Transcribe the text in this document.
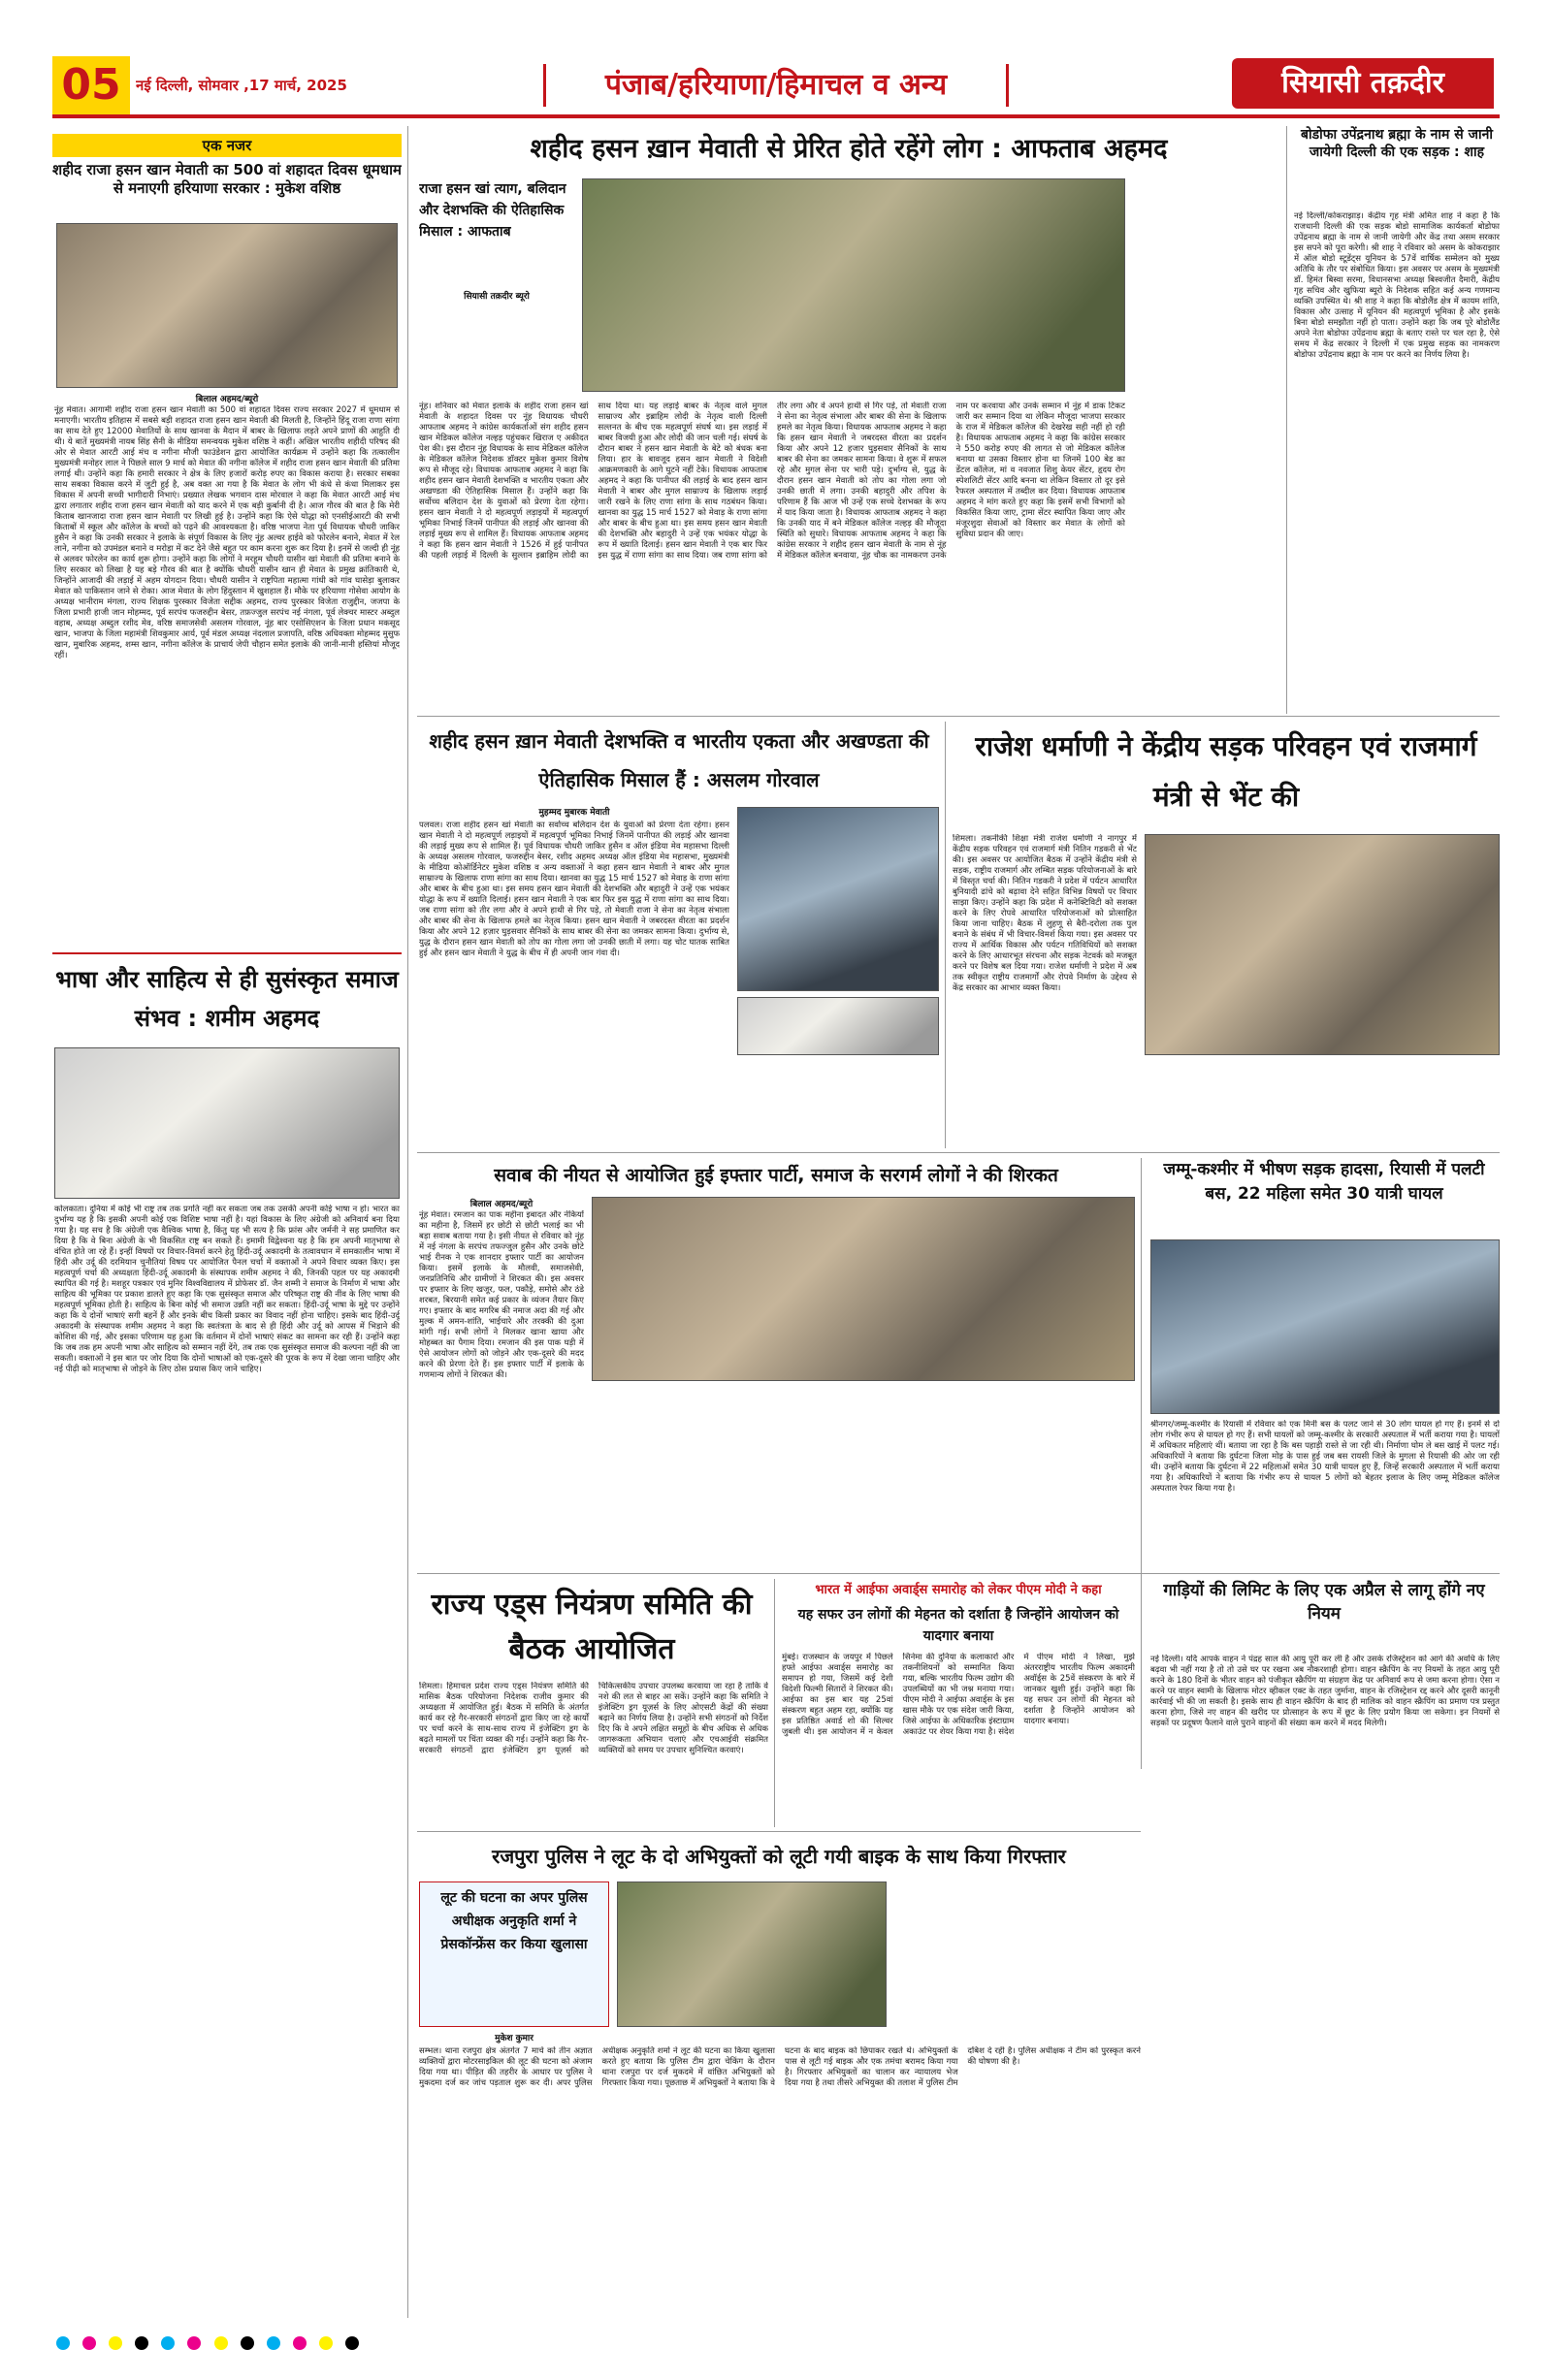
05	नई दिल्ली, सोमवार ,17 मार्च, 2025	पंजाब/हरियाणा/हिमाचल व अन्य	सियासी तक़दीर
एक नजर
शहीद राजा हसन खान मेवाती का 500 वां शहादत दिवस धूमधाम से मनाएगी हरियाणा सरकार : मुकेश वशिष्ठ
बिलाल अहमद/ब्यूरो
नूंह मेवात। आगामी शहीद राजा हसन खान मेवाती का 500 वां शहादत दिवस राज्य सरकार 2027 में धूमधाम से मनाएगी। भारतीय इतिहास में सबसे बड़ी शहादत राजा हसन खान मेवाती की मिलती है, जिन्होंने हिंदू राजा राणा सांगा का साथ देते हुए 12000 मेवातियों के साथ खानवा के मैदान में बाबर के खिलाफ लड़ते अपने प्राणों की आहुति दी थी। ये बातें मुख्यमंत्री नायब सिंह सैनी के मीडिया समन्वयक मुकेश वशिष्ठ ने कहीं। अखिल भारतीय शहीदी परिषद की ओर से मेवात आरटी आई मंच व नगीना मौजी फाउंडेशन द्वारा आयोजित कार्यक्रम में उन्होंने कहा कि तत्कालीन मुख्यमंत्री मनोहर लाल ने पिछले साल 9 मार्च को मेवात की नगीना कॉलेज में शहीद राजा हसन खान मेवाती की प्रतिमा लगाई थी। उन्होंने कहा कि हमारी सरकार ने क्षेत्र के लिए हजारों करोड़ रुपए का विकास कराया है। सरकार सबका साथ सबका विकास करने में जुटी हुई है, अब वक्त आ गया है कि मेवात के लोग भी कंधे से कंधा मिलाकर इस विकास में अपनी सच्ची भागीदारी निभाएं। प्रख्यात लेखक भगवान दास मोरवाल ने कहा कि मेवात आरटी आई मंच द्वारा लगातार शहीद राजा हसन खान मेवाती को याद करने में एक बड़ी कुर्बानी दी है। आज गौरव की बात है कि मेरी किताब खानजादा राजा हसन खान मेवाती पर लिखी हुई है। उन्होंने कहा कि ऐसे योद्धा को एनसीईआरटी की सभी किताबों में स्कूल और कॉलेज के बच्चों को पढ़ने की आवश्यकता है। वरिष्ठ भाजपा नेता पूर्व विधायक चौधरी जाकिर हुसैन ने कहा कि उनकी सरकार ने इलाके के संपूर्ण विकास के लिए नूंह अल्वर हाईवे को फोरलेन बनाने, मेवात में रेल लाने, नगीना को उपमंडल बनाने व मरोड़ा में कट देने जैसे बहुत पर काम करना शुरू कर दिया है। इनमें से जल्दी ही नूंह से अलवर फोरलेन का कार्य शुरू होगा। उन्होंने कहा कि लोगों ने मरहूम चौधरी यासीन खां मेवाती की प्रतिमा बनाने के लिए सरकार को लिखा है यह बड़े गौरव की बात है क्योंकि चौधरी यासीन खान ही मेवात के प्रमुख क्रांतिकारी थे, जिन्होंने आजादी की लड़ाई में अहम योगदान दिया। चौधरी यासीन ने राष्ट्रपिता महात्मा गांधी को गांव घासेड़ा बुलाकर मेवात को पाकिस्तान जाने से रोका। आज मेवात के लोग हिंदुस्तान में खुशहाल हैं। मौके पर हरियाणा गोसेवा आयोग के अध्यक्ष भानीराम मंगला, राज्य शिक्षक पुरस्कार विजेता सद्दीक अहमद, राज्य पुरस्कार विजेता राजुद्दीन, जजपा के जिला प्रभारी हाजी जान मोहम्मद, पूर्व सरपंच फजरुद्दीन बेसर, तफ़ज्जुल सरपंच नई नंगला, पूर्व लेक्चर मास्टर अब्दुल वहाब, अध्यक्ष अब्दुल रशीद मेव, वरिष्ठ समाजसेवी असलम गोरवाल, नूंह बार एसोसिएशन के जिला प्रधान मकसूद खान, भाजपा के जिला महामंत्री शिवकुमार आर्य, पूर्व मंडल अध्यक्ष नंदलाल प्रजापति, वरिष्ठ अधिवक्ता मोहम्मद मुसुफ खान, मुबारिक अहमद, शम्स खान, नगीना कॉलेज के प्राचार्य जेपी चौहान समेत इलाके की जानी-मानी हस्तियां मौजूद रहीं।
भाषा और साहित्य से ही सुसंस्कृत समाज संभव : शमीम अहमद
कोलकाता। दुनिया में कोई भी राष्ट्र तब तक प्रगति नहीं कर सकता जब तक उसकी अपनी कोई भाषा न हो। भारत का दुर्भाग्य यह है कि इसकी अपनी कोई एक विशिष्ट भाषा नहीं है। यहां विकास के लिए अंग्रेजी को अनिवार्य बना दिया गया है। यह सच है कि अंग्रेजी एक वैश्विक भाषा है, किंतु यह भी सत्य है कि फ्रांस और जर्मनी ने सह प्रमाणित कर दिया है कि वे बिना अंग्रेजी के भी विकसित राष्ट्र बन सकते हैं। इमामी विद्वेश्वना यह है कि हम अपनी मातृभाषा से वंचित होते जा रहे हैं। इन्हीं विषयों पर विचार-विमर्श करने हेतु हिंदी-उर्दू अकादमी के तत्वावधान में समकालीन भाषा में हिंदी और उर्दू की दरमियान चुनौतियां विषय पर आयोजित पैनल चर्चा में वक्ताओं ने अपने विचार व्यक्त किए। इस महत्वपूर्ण चर्चा की अध्यक्षता हिंदी-उर्दू अकादमी के संस्थापक शमीम अहमद ने की, जिनकी पहल पर यह अकादमी स्थापित की गई है। मशहूर पत्रकार एवं मुनिर विश्वविद्यालय में प्रोफेसर डॉ. जैन शम्मी ने समाज के निर्माण में भाषा और साहित्य की भूमिका पर प्रकाश डालते हुए कहा कि एक सुसंस्कृत समाज और परिष्कृत राष्ट्र की नींव के लिए भाषा की महत्वपूर्ण भूमिका होती है। साहित्य के बिना कोई भी समाज उन्नति नहीं कर सकता। हिंदी-उर्दू भाषा के मुद्दे पर उन्होंने कहा कि ये दोनों भाषाएं सगी बहनें हैं और इनके बीच किसी प्रकार का विवाद नहीं होना चाहिए। इसके बाद हिंदी-उर्दू अकादमी के संस्थापक शमीम अहमद ने कहा कि स्वतंत्रता के बाद से ही हिंदी और उर्दू को आपस में भिड़ाने की कोशिश की गई, और इसका परिणाम यह हुआ कि वर्तमान में दोनों भाषाएं संकट का सामना कर रही हैं। उन्होंने कहा कि जब तक हम अपनी भाषा और साहित्य को सम्मान नहीं देंगे, तब तक एक सुसंस्कृत समाज की कल्पना नहीं की जा सकती। वक्ताओं ने इस बात पर जोर दिया कि दोनों भाषाओं को एक-दूसरे की पूरक के रूप में देखा जाना चाहिए और नई पीढ़ी को मातृभाषा से जोड़ने के लिए ठोस प्रयास किए जाने चाहिए।
शहीद हसन ख़ान मेवाती से प्रेरित होते रहेंगे लोग : आफताब अहमद
राजा हसन खां त्याग, बलिदान और देशभक्ति की ऐतिहासिक मिसाल : आफताब
सियासी तक़दीर ब्यूरो
नूंह। शनिवार को मेवात इलाके के शहीद राजा हसन खां मेवाती के शहादत दिवस पर नूंह विधायक चौधरी आफताब अहमद ने कांग्रेस कार्यकर्ताओं संग शहीद हसन खान मेडिकल कॉलेज नल्हड़ पहुंचकर खिराज ए अकीदत पेश की। इस दौरान नूंह विधायक के साथ मेडिकल कॉलेज के मेडिकल कॉलेज निदेशक डॉक्टर मुकेश कुमार विशेष रूप से मौजूद रहे। विधायक आफताब अहमद ने कहा कि शहीद हसन खान मेवाती देशभक्ति व भारतीय एकता और अखण्डता की ऐतिहासिक मिसाल हैं। उन्होंने कहा कि सर्वोच्च बलिदान देश के युवाओं को प्रेरणा देता रहेगा। हसन खान मेवाती ने दो महत्वपूर्ण लड़ाइयों में महत्वपूर्ण भूमिका निभाई जिनमें पानीपत की लड़ाई और खानवा की लड़ाई मुख्य रूप से शामिल हैं। विधायक आफताब अहमद ने कहा कि हसन खान मेवाती ने 1526 में हुई पानीपत की पहली लड़ाई में दिल्ली के सुल्तान इब्राहिम लोदी का साथ दिया था। यह लड़ाई बाबर के नेतृत्व वाले मुगल साम्राज्य और इब्राहिम लोदी के नेतृत्व वाली दिल्ली सल्तनत के बीच एक महत्वपूर्ण संघर्ष था। इस लड़ाई में बाबर विजयी हुआ और लोदी की जान चली गई। संघर्ष के दौरान बाबर ने हसन खान मेवाती के बेटे को बंधक बना लिया। हार के बावजूद हसन खान मेवाती ने विदेशी आक्रमणकारी के आगे घुटने नहीं टेके। विधायक आफताब अहमद ने कहा कि पानीपत की लड़ाई के बाद हसन खान मेवाती ने बाबर और मुगल साम्राज्य के खिलाफ लड़ाई जारी रखने के लिए राणा सांगा के साथ गठबंधन किया। खानवा का युद्ध 15 मार्च 1527 को मेवाड़ के राणा सांगा और बाबर के बीच हुआ था। इस समय हसन खान मेवाती की देशभक्ति और बहादुरी ने उन्हें एक भयंकर योद्धा के रूप में ख्याति दिलाई। हसन खान मेवाती ने एक बार फिर इस युद्ध में राणा सांगा का साथ दिया। जब राणा सांगा को तीर लगा और वे अपने हाथी से गिर पड़े, तो मेवाती राजा ने सेना का नेतृत्व संभाला और बाबर की सेना के खिलाफ हमले का नेतृत्व किया। विधायक आफताब अहमद ने कहा कि हसन खान मेवाती ने जबरदस्त वीरता का प्रदर्शन किया और अपने 12 हजार घुड़सवार सैनिकों के साथ बाबर की सेना का जमकर सामना किया। वे शुरू में सफल रहे और मुगल सेना पर भारी पड़े। दुर्भाग्य से, युद्ध के दौरान हसन खान मेवाती को तोप का गोला लगा जो उनकी छाती में लगा। उनकी बहादुरी और तपिश के परिणाम हैं कि आज भी उन्हें एक सच्चे देशभक्त के रूप में याद किया जाता है। विधायक आफताब अहमद ने कहा कि उनकी याद में बने मेडिकल कॉलेज नल्हड़ की मौजूदा स्थिति को सुधारे। विधायक आफताब अहमद ने कहा कि कांग्रेस सरकार ने शहीद हसन खान मेवाती के नाम से नूंह में मेडिकल कॉलेज बनवाया, नूंह चौक का नामकरण उनके नाम पर करवाया और उनके सम्मान में नूंह में डाक टिकट जारी कर सम्मान दिया था लेकिन मौजूदा भाजपा सरकार के राज में मेडिकल कॉलेज की देखरेख सही नहीं हो रही है। विधायक आफताब अहमद ने कहा कि कांग्रेस सरकार ने 550 करोड़ रुपए की लागत से जो मेडिकल कॉलेज बनाया था उसका विस्तार होना था जिनमें 100 बेड का डेंटल कॉलेज, मां व नवजात शिशु केयर सेंटर, हृदय रोग स्पेशलिटी सेंटर आदि बनना था लेकिन विस्तार तो दूर इसे रैफरल अस्पताल में तब्दील कर दिया। विधायक आफताब अहमद ने मांग करते हुए कहा कि इसमें सभी विभागों को विकसित किया जाए, ट्रामा सेंटर स्थापित किया जाए और मंजूरशुदा सेवाओं को विस्तार कर मेवात के लोगों को सुविधा प्रदान की जाए।
बोडोफा उपेंद्रनाथ ब्रह्मा के नाम से जानी जायेगी दिल्ली की एक सड़क : शाह
नई दिल्ली/कोकराझाड़। केंद्रीय गृह मंत्री अमित शाह ने कहा है कि राजधानी दिल्ली की एक सड़क बोडो सामाजिक कार्यकर्ता बोडोफा उपेंद्रनाथ ब्रह्मा के नाम से जानी जायेगी और केंद्र तथा असम सरकार इस सपने को पूरा करेगी। श्री शाह ने रविवार को असम के कोकराझार में ऑल बोडो स्टूडेंट्स यूनियन के 57वें वार्षिक सम्मेलन को मुख्य अतिथि के तौर पर संबोधित किया। इस अवसर पर असम के मुख्यमंत्री डॉ. हिमंत बिस्वा सरमा, विधानसभा अध्यक्ष बिस्वजीत दैमारी, केंद्रीय गृह सचिव और खुफिया ब्यूरो के निदेशक सहित कई अन्य गणमान्य व्यक्ति उपस्थित थे। श्री शाह ने कहा कि बोडोलैंड क्षेत्र में कायम शांति, विकास और उत्साह में यूनियन की महत्वपूर्ण भूमिका है और इसके बिना बोडो समझौता नहीं हो पाता। उन्होंने कहा कि जब पूरे बोडोलैंड अपने नेता बोडोफा उपेंद्रनाथ ब्रह्मा के बताए रास्ते पर चल रहा है, ऐसे समय में केंद्र सरकार ने दिल्ली में एक प्रमुख सड़क का नामकरण बोडोफा उपेंद्रनाथ ब्रह्मा के नाम पर करने का निर्णय लिया है।
शहीद हसन ख़ान मेवाती देशभक्ति व भारतीय एकता और अखण्डता की ऐतिहासिक मिसाल हैं : असलम गोरवाल
मुहम्मद मुबारक मेवाती
पलवल। राजा शहीद हसन खां मेवाती का सर्वोच्च बलिदान देश के युवाओं को प्रेरणा देता रहेगा। हसन खान मेवाती ने दो महत्वपूर्ण लड़ाइयों में महत्वपूर्ण भूमिका निभाई जिनमें पानीपत की लड़ाई और खानवा की लड़ाई मुख्य रूप से शामिल हैं। पूर्व विधायक चौधरी जाकिर हुसैन व ऑल इंडिया मेव महासभा दिल्ली के अध्यक्ष असलम गोरवाल, फजरुद्दीन बेसर, रशीद अहमद अध्यक्ष ऑल इंडिया मेव महासभा, मुख्यमंत्री के मीडिया कोऑर्डिनेटर मुकेश वशिष्ठ व अन्य वक्ताओं ने कहा हसन खान मेवाती ने बाबर और मुगल साम्राज्य के खिलाफ राणा सांगा का साथ दिया। खानवा का युद्ध 15 मार्च 1527 को मेवाड़ के राणा सांगा और बाबर के बीच हुआ था। इस समय हसन खान मेवाती की देशभक्ति और बहादुरी ने उन्हें एक भयंकर योद्धा के रूप में ख्याति दिलाई। हसन खान मेवाती ने एक बार फिर इस युद्ध में राणा सांगा का साथ दिया। जब राणा सांगा को तीर लगा और वे अपने हाथी से गिर पड़े, तो मेवाती राजा ने सेना का नेतृत्व संभाला और बाबर की सेना के खिलाफ हमले का नेतृत्व किया। हसन खान मेवाती ने जबरदस्त वीरता का प्रदर्शन किया और अपने 12 हज़ार घुड़सवार सैनिकों के साथ बाबर की सेना का जमकर सामना किया। दुर्भाग्य से, युद्ध के दौरान हसन खान मेवाती को तोप का गोला लगा जो उनकी छाती में लगा। यह चोट घातक साबित हुई और हसन खान मेवाती ने युद्ध के बीच में ही अपनी जान गंवा दी।
राजेश धर्माणी ने केंद्रीय सड़क परिवहन एवं राजमार्ग मंत्री से भेंट की
शिमला। तकनीकी शिक्षा मंत्री राजेश धर्माणी ने नागपुर में केंद्रीय सड़क परिवहन एवं राजमार्ग मंत्री नितिन गडकरी से भेंट की। इस अवसर पर आयोजित बैठक में उन्होंने केंद्रीय मंत्री से सड़क, राष्ट्रीय राजमार्ग और लम्बित सड़क परियोजनाओं के बारे में विस्तृत चर्चा की। नितिन गडकरी ने प्रदेश में पर्यटन आधारित बुनियादी ढांचे को बढ़ावा देने सहित विभिन्न विषयों पर विचार साझा किए। उन्होंने कहा कि प्रदेश में कनेक्टिविटी को सशक्त करने के लिए रोपवे आधारित परियोजनाओं को प्रोत्साहित किया जाना चाहिए। बैठक में लुहणू से बैरी-दरोला तक पुल बनाने के संबंध में भी विचार-विमर्श किया गया। इस अवसर पर राज्य में आर्थिक विकास और पर्यटन गतिविधियों को सशक्त करने के लिए आधारभूत संरचना और सड़क नेटवर्क को मजबूत करने पर विशेष बल दिया गया। राजेश धर्माणी ने प्रदेश में अब तक स्वीकृत राष्ट्रीय राजमार्गों और रोपवे निर्माण के उद्देश्य से केंद्र सरकार का आभार व्यक्त किया।
सवाब की नीयत से आयोजित हुई इफ्तार पार्टी, समाज के सरगर्म लोगों ने की शिरकत
बिलाल अहमद/ब्यूरो
नूंह मेवात। रमजान का पाक महीना इबादत और नेकियों का महीना है, जिसमें हर छोटी से छोटी भलाई का भी बड़ा सवाब बताया गया है। इसी नीयत से रविवार को नूंह में नई नंगला के सरपंच तफज्जुल हुसैन और उनके छोटे भाई रीनक ने एक शानदार इफ्तार पार्टी का आयोजन किया। इसमें इलाके के मौलवी, समाजसेवी, जनप्रतिनिधि और ग्रामीणों ने शिरकत की। इस अवसर पर इफ्तार के लिए खजूर, फल, पकौड़े, समोसे और ठंडे शरबत, बिरयानी समेत कई प्रकार के व्यंजन तैयार किए गए। इफ्तार के बाद मगरिब की नमाज अदा की गई और मुल्क में अमन-शांति, भाईचारे और तरक्की की दुआ मांगी गई। सभी लोगों ने मिलकर खाना खाया और मोहब्बत का पैगाम दिया। रमजान की इस पाक घड़ी में ऐसे आयोजन लोगों को जोड़ने और एक-दूसरे की मदद करने की प्रेरणा देते हैं। इस इफ्तार पार्टी में इलाके के गणमान्य लोगों ने शिरकत की।
जम्मू-कश्मीर में भीषण सड़क हादसा, रियासी में पलटी बस, 22 महिला समेत 30 यात्री घायल
श्रीनगर/जम्मू-कश्मीर के रियासी में रविवार को एक मिनी बस के पलट जाने से 30 लोग घायल हो गए हैं। इनमें से दो लोग गंभीर रूप से घायल हो गए हैं। सभी घायलों को जम्मू-कश्मीर के सरकारी अस्पताल में भर्ती कराया गया है। घायलों में अधिकतर महिलाएं थीं। बताया जा रहा है कि बस पहाड़ी रास्ते से जा रही थी। निर्माणा घोम ले बस खाई में पलट गई। अधिकारियों ने बताया कि दुर्घटना जिला मोड़ के पास हुई जब बस रायसी जिले के मुगला से रियासी की ओर जा रही थी। उन्होंने बताया कि दुर्घटना में 22 महिलाओं समेत 30 यात्री घायल हुए हैं, जिन्हें सरकारी अस्पताल में भर्ती कराया गया है। अधिकारियों ने बताया कि गंभीर रूप से घायल 5 लोगों को बेहतर इलाज के लिए जम्मू मेडिकल कॉलेज अस्पताल रेफर किया गया है।
राज्य एड्स नियंत्रण समिति की बैठक आयोजित
शिमला। हिमाचल प्रदेश राज्य एड्स नियंत्रण समिति की मासिक बैठक परियोजना निदेशक राजीव कुमार की अध्यक्षता में आयोजित हुई। बैठक में समिति के अंतर्गत कार्य कर रहे गैर-सरकारी संगठनों द्वारा किए जा रहे कार्यों पर चर्चा करने के साथ-साथ राज्य में इंजेक्टिंग ड्रग के बढ़ते मामलों पर चिंता व्यक्त की गई। उन्होंने कहा कि गैर-सरकारी संगठनों द्वारा इंजेक्टिंग ड्रग यूज़र्स को चिकित्सकीय उपचार उपलब्ध करवाया जा रहा है ताकि वे नशे की लत से बाहर आ सकें। उन्होंने कहा कि समिति ने इंजेक्टिंग ड्रग यूज़र्स के लिए ओएसटी केंद्रों की संख्या बढ़ाने का निर्णय लिया है। उन्होंने सभी संगठनों को निर्देश दिए कि वे अपने लक्षित समूहों के बीच अधिक से अधिक जागरूकता अभियान चलाएं और एचआईवी संक्रमित व्यक्तियों को समय पर उपचार सुनिश्चित करवाएं।
भारत में आईफा अवार्ड्स समारोह को लेकर पीएम मोदी ने कहा
यह सफर उन लोगों की मेहनत को दर्शाता है जिन्होंने आयोजन को यादगार बनाया
मुंबई। राजस्थान के जयपुर में पिछले हफ्ते आईफा अवार्ड्स समारोह का समापन हो गया, जिसमें कई देशी विदेशी फिल्मी सितारों ने शिरकत की। आईफा का इस बार यह 25वां संस्करण बहुत अहम रहा, क्योंकि यह इस प्रतिष्ठित अवार्ड शो की सिल्वर जुबली थी। इस आयोजन में न केवल सिनेमा की दुनिया के कलाकारों और तकनीशियनों को सम्मानित किया गया, बल्कि भारतीय फिल्म उद्योग की उपलब्धियों का भी जश्न मनाया गया। पीएम मोदी ने आईफा अवार्ड्स के इस खास मौके पर एक संदेश जारी किया, जिसे आईफा के अधिकारिक इंस्टाग्राम अकाउंट पर शेयर किया गया है। संदेश में पीएम मोदी ने लिखा, मुझे अंतरराष्ट्रीय भारतीय फिल्म अकादमी अवॉर्ड्स के 25वें संस्करण के बारे में जानकर खुशी हुई। उन्होंने कहा कि यह सफर उन लोगों की मेहनत को दर्शाता है जिन्होंने आयोजन को यादगार बनाया।
गाड़ियों की लिमिट के लिए एक अप्रैल से लागू होंगे नए नियम
नई दिल्ली। यदि आपके वाहन ने पंद्रह साल की आयु पूरी कर ली है और उसके रजिस्ट्रेशन को आगे की अवधि के लिए बढ़वा भी नहीं गया है तो तो उसे घर पर रखना अब नौकरशाही होगा। वाहन स्क्रैपिंग के नए नियमों के तहत आयु पूरी करने के 180 दिनों के भीतर वाहन को पंजीकृत स्क्रैपिंग या संग्रहण केंद्र पर अनिवार्य रूप से जमा करना होगा। ऐसा न करने पर वाहन स्वामी के खिलाफ मोटर व्हीकल एक्ट के तहत जुर्माना, वाहन के रजिस्ट्रेशन रद्द करने और दूसरी कानूनी कार्रवाई भी की जा सकती है। इसके साथ ही वाहन स्क्रैपिंग के बाद ही मालिक को वाहन स्क्रैपिंग का प्रमाण पत्र प्रस्तुत करना होगा, जिसे नए वाहन की खरीद पर प्रोत्साहन के रूप में छूट के लिए प्रयोग किया जा सकेगा। इन नियमों से सड़कों पर प्रदूषण फैलाने वाले पुराने वाहनों की संख्या कम करने में मदद मिलेगी।
रजपुरा पुलिस ने लूट के दो अभियुक्तों को लूटी गयी बाइक के साथ किया गिरफ्तार
लूट की घटना का अपर पुलिस अधीक्षक अनुकृति शर्मा ने प्रेसकॉन्फ्रेंस कर किया खुलासा
मुकेश कुमार
सम्भल। थाना रजपुरा क्षेत्र अंतर्गत 7 मार्च को तीन अज्ञात व्यक्तियों द्वारा मोटरसाइकिल की लूट की घटना को अंजाम दिया गया था। पीड़ित की तहरीर के आधार पर पुलिस ने मुकदमा दर्ज कर जांच पड़ताल शुरू कर दी। अपर पुलिस अधीक्षक अनुकृति शर्मा ने लूट की घटना का किया खुलासा करते हुए बताया कि पुलिस टीम द्वारा चेकिंग के दौरान थाना रजपुरा पर दर्ज मुकदमे में वांछित अभियुक्तों को गिरफ्तार किया गया। पूछताछ में अभियुक्तों ने बताया कि वे घटना के बाद बाइक को छिपाकर रखते थे। अभियुक्तों के पास से लूटी गई बाइक और एक तमंचा बरामद किया गया है। गिरफ्तार अभियुक्तों का चालान कर न्यायालय भेज दिया गया है तथा तीसरे अभियुक्त की तलाश में पुलिस टीम दबिश दे रही है। पुलिस अधीक्षक ने टीम को पुरस्कृत करने की घोषणा की है।
